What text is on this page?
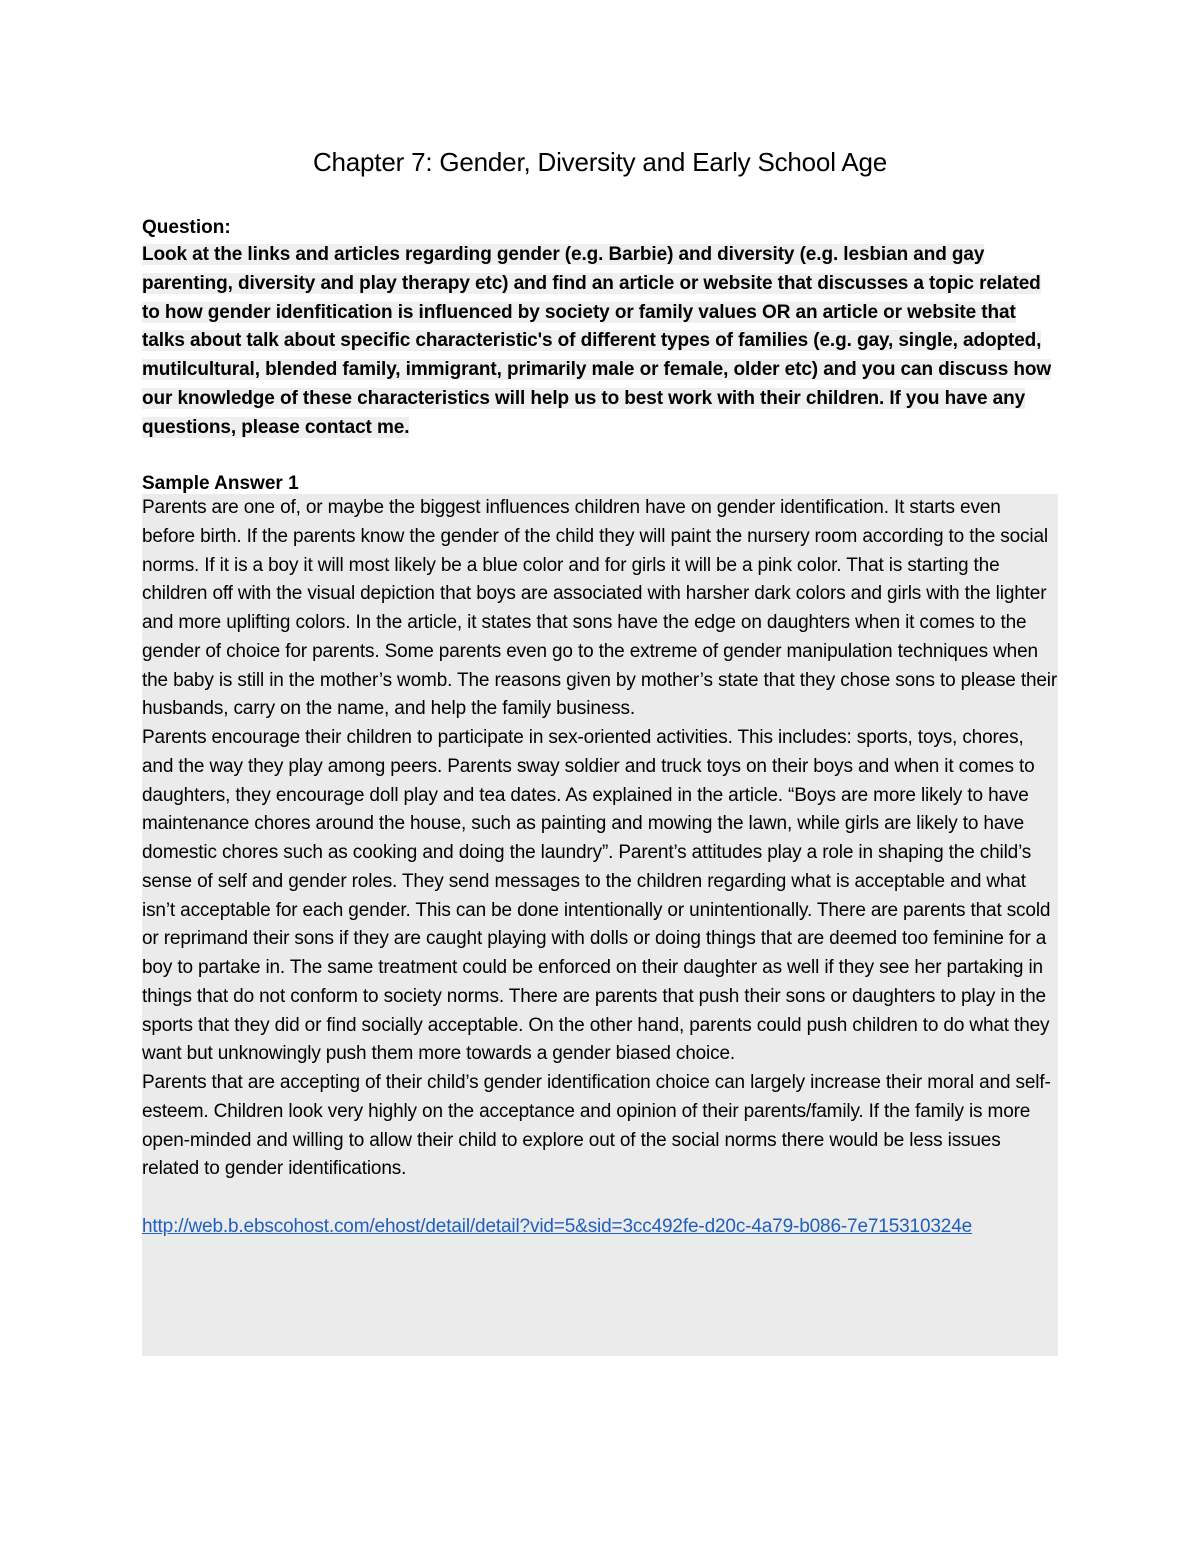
Chapter 7: Gender, Diversity and Early School Age

Question:

Look at the links and articles regarding gender (e.g. Barbie) and diversity (e.g. lesbian and gay parenting, diversity and play therapy etc) and find an article or website that discusses a topic related to how gender idenfitication is influenced by society or family values OR an article or website that talks about talk about specific characteristic's of different types of families (e.g. gay, single, adopted, mutilcultural, blended family, immigrant, primarily male or female, older etc) and you can discuss how our knowledge of these characteristics will help us to best work with their children. If you have any questions, please contact me.

Sample Answer 1

Parents are one of, or maybe the biggest influences children have on gender identification. It starts even before birth. If the parents know the gender of the child they will paint the nursery room according to the social norms. If it is a boy it will most likely be a blue color and for girls it will be a pink color. That is starting the children off with the visual depiction that boys are associated with harsher dark colors and girls with the lighter and more uplifting colors. In the article, it states that sons have the edge on daughters when it comes to the gender of choice for parents. Some parents even go to the extreme of gender manipulation techniques when the baby is still in the mother’s womb. The reasons given by mother’s state that they chose sons to please their husbands, carry on the name, and help the family business.

Parents encourage their children to participate in sex-oriented activities. This includes: sports, toys, chores, and the way they play among peers. Parents sway soldier and truck toys on their boys and when it comes to daughters, they encourage doll play and tea dates. As explained in the article. “Boys are more likely to have maintenance chores around the house, such as painting and mowing the lawn, while girls are likely to have domestic chores such as cooking and doing the laundry”. Parent’s attitudes play a role in shaping the child’s sense of self and gender roles. They send messages to the children regarding what is acceptable and what isn’t acceptable for each gender. This can be done intentionally or unintentionally. There are parents that scold or reprimand their sons if they are caught playing with dolls or doing things that are deemed too feminine for a boy to partake in. The same treatment could be enforced on their daughter as well if they see her partaking in things that do not conform to society norms. There are parents that push their sons or daughters to play in the sports that they did or find socially acceptable. On the other hand, parents could push children to do what they want but unknowingly push them more towards a gender biased choice.

Parents that are accepting of their child’s gender identification choice can largely increase their moral and self-esteem. Children look very highly on the acceptance and opinion of their parents/family. If the family is more open-minded and willing to allow their child to explore out of the social norms there would be less issues related to gender identifications.

http://web.b.ebscohost.com/ehost/detail/detail?vid=5&sid=3cc492fe-d20c-4a79-b086-7e715310324e
